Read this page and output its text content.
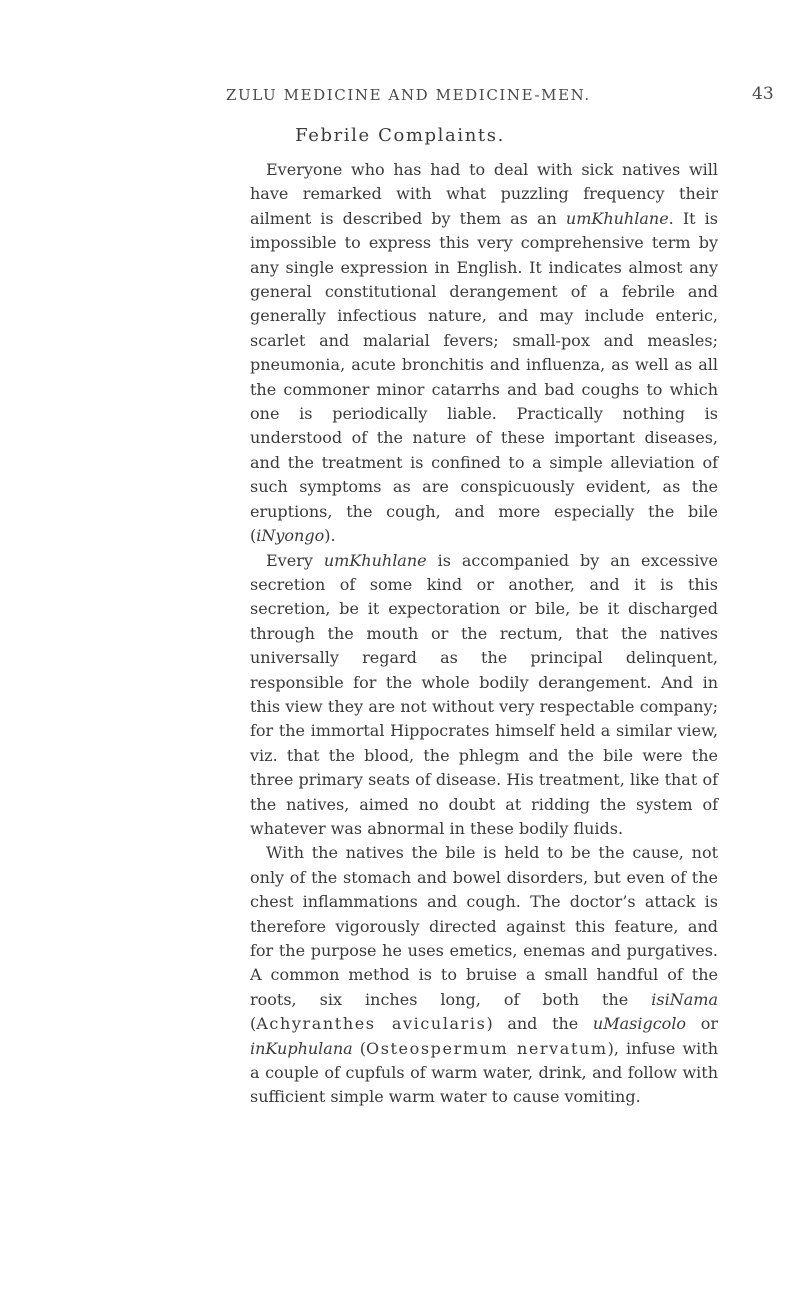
ZULU MEDICINE AND MEDICINE-MEN.	43
Febrile Complaints.

Everyone who has had to deal with sick natives will have remarked with what puzzling frequency their ailment is described by them as an umKhuhlane. It is impossible to express this very comprehensive term by any single expression in English. It indicates almost any general constitutional derangement of a febrile and generally infectious nature, and may include enteric, scarlet and malarial fevers; small-pox and measles; pneumonia, acute bronchitis and influenza, as well as all the commoner minor catarrhs and bad coughs to which one is periodically liable. Practically nothing is understood of the nature of these important diseases, and the treatment is confined to a simple alleviation of such symptoms as are conspicuously evident, as the eruptions, the cough, and more especially the bile (iNyongo).

Every umKhuhlane is accompanied by an excessive secretion of some kind or another, and it is this secretion, be it expectoration or bile, be it discharged through the mouth or the rectum, that the natives universally regard as the principal delinquent, responsible for the whole bodily derangement. And in this view they are not without very respectable company; for the immortal Hippocrates himself held a similar view, viz. that the blood, the phlegm and the bile were the three primary seats of disease. His treatment, like that of the natives, aimed no doubt at ridding the system of whatever was abnormal in these bodily fluids.

With the natives the bile is held to be the cause, not only of the stomach and bowel disorders, but even of the chest inflammations and cough. The doctor’s attack is therefore vigorously directed against this feature, and for the purpose he uses emetics, enemas and purgatives. A common method is to bruise a small handful of the roots, six inches long, of both the isiNama (Achyranthes avicularis) and the uMasigcolo or inKuphulana (Osteospermum nervatum), infuse with a couple of cupfuls of warm water, drink, and follow with sufficient simple warm water to cause vomiting.
